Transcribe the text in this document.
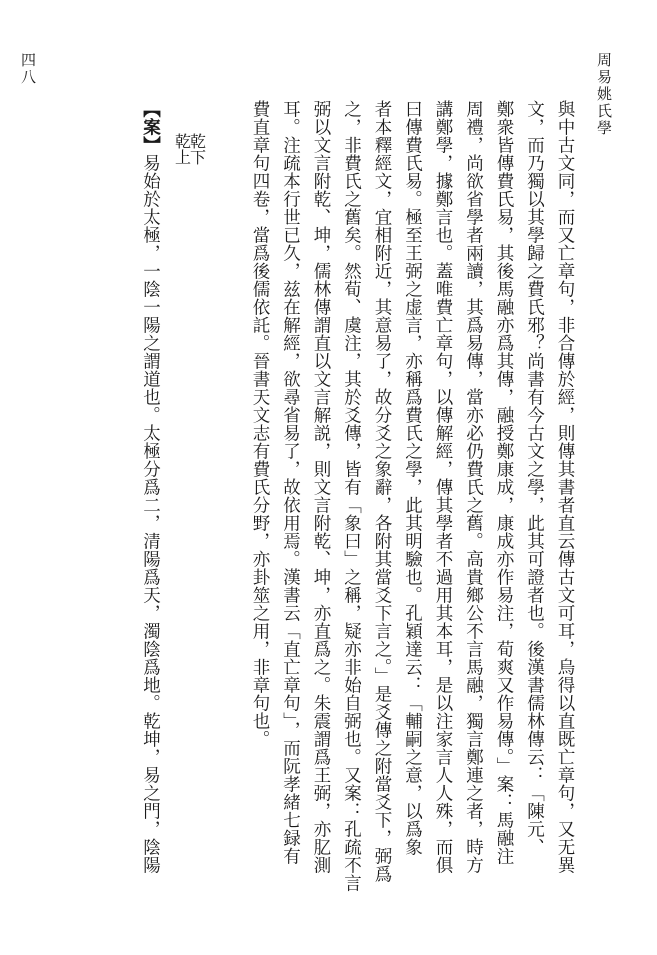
周易姚氏學
四八

與中古文同，而又亡章句，非合傳於經，則傳其書者直云傳古文可耳，烏得以直既亡章句，又无異

文，而乃獨以其學歸之費氏邪？尚書有今古文之學，此其可證者也。後漢書儒林傳云：「陳元、

鄭衆皆傳費氏易，其後馬融亦爲其傳，融授鄭康成，康成亦作易注，荀爽又作易傳。」案：馬融注

周禮，尚欲省學者兩讀，其爲易傳，當亦必仍費氏之舊。高貴鄉公不言馬融，獨言鄭連之者，時方

講鄭學，據鄭言也。蓋唯費亡章句，以傳解經，傳其學者不過用其本耳，是以注家言人人殊，而俱

曰傳費氏易。極至王弼之虚言，亦稱爲費氏之學，此其明驗也。孔穎達云：「輔嗣之意，以爲象

者本釋經文，宜相附近，其意易了，故分爻之象辭，各附其當爻下言之。」是爻傳之附當爻下，弼爲

之，非費氏之舊矣。然荀、虞注，其於爻傳，皆有「象曰」之稱，疑亦非始自弼也。又案：孔疏不言

弼以文言附乾、坤，儒林傳謂直以文言解説，則文言附乾、坤，亦直爲之。朱震謂爲王弼，亦肊測

耳。注疏本行世已久，兹在解經，欲尋省易了，故依用焉。漢書云「直亡章句」，而阮孝緒七録有

費直章句四卷，當爲後儒依託。晉書天文志有費氏分野，亦卦筮之用，非章句也。

乾下
乾上

【案】易始於太極，一陰一陽之謂道也。太極分爲二，清陽爲天，濁陰爲地。乾坤，易之門，陰陽
